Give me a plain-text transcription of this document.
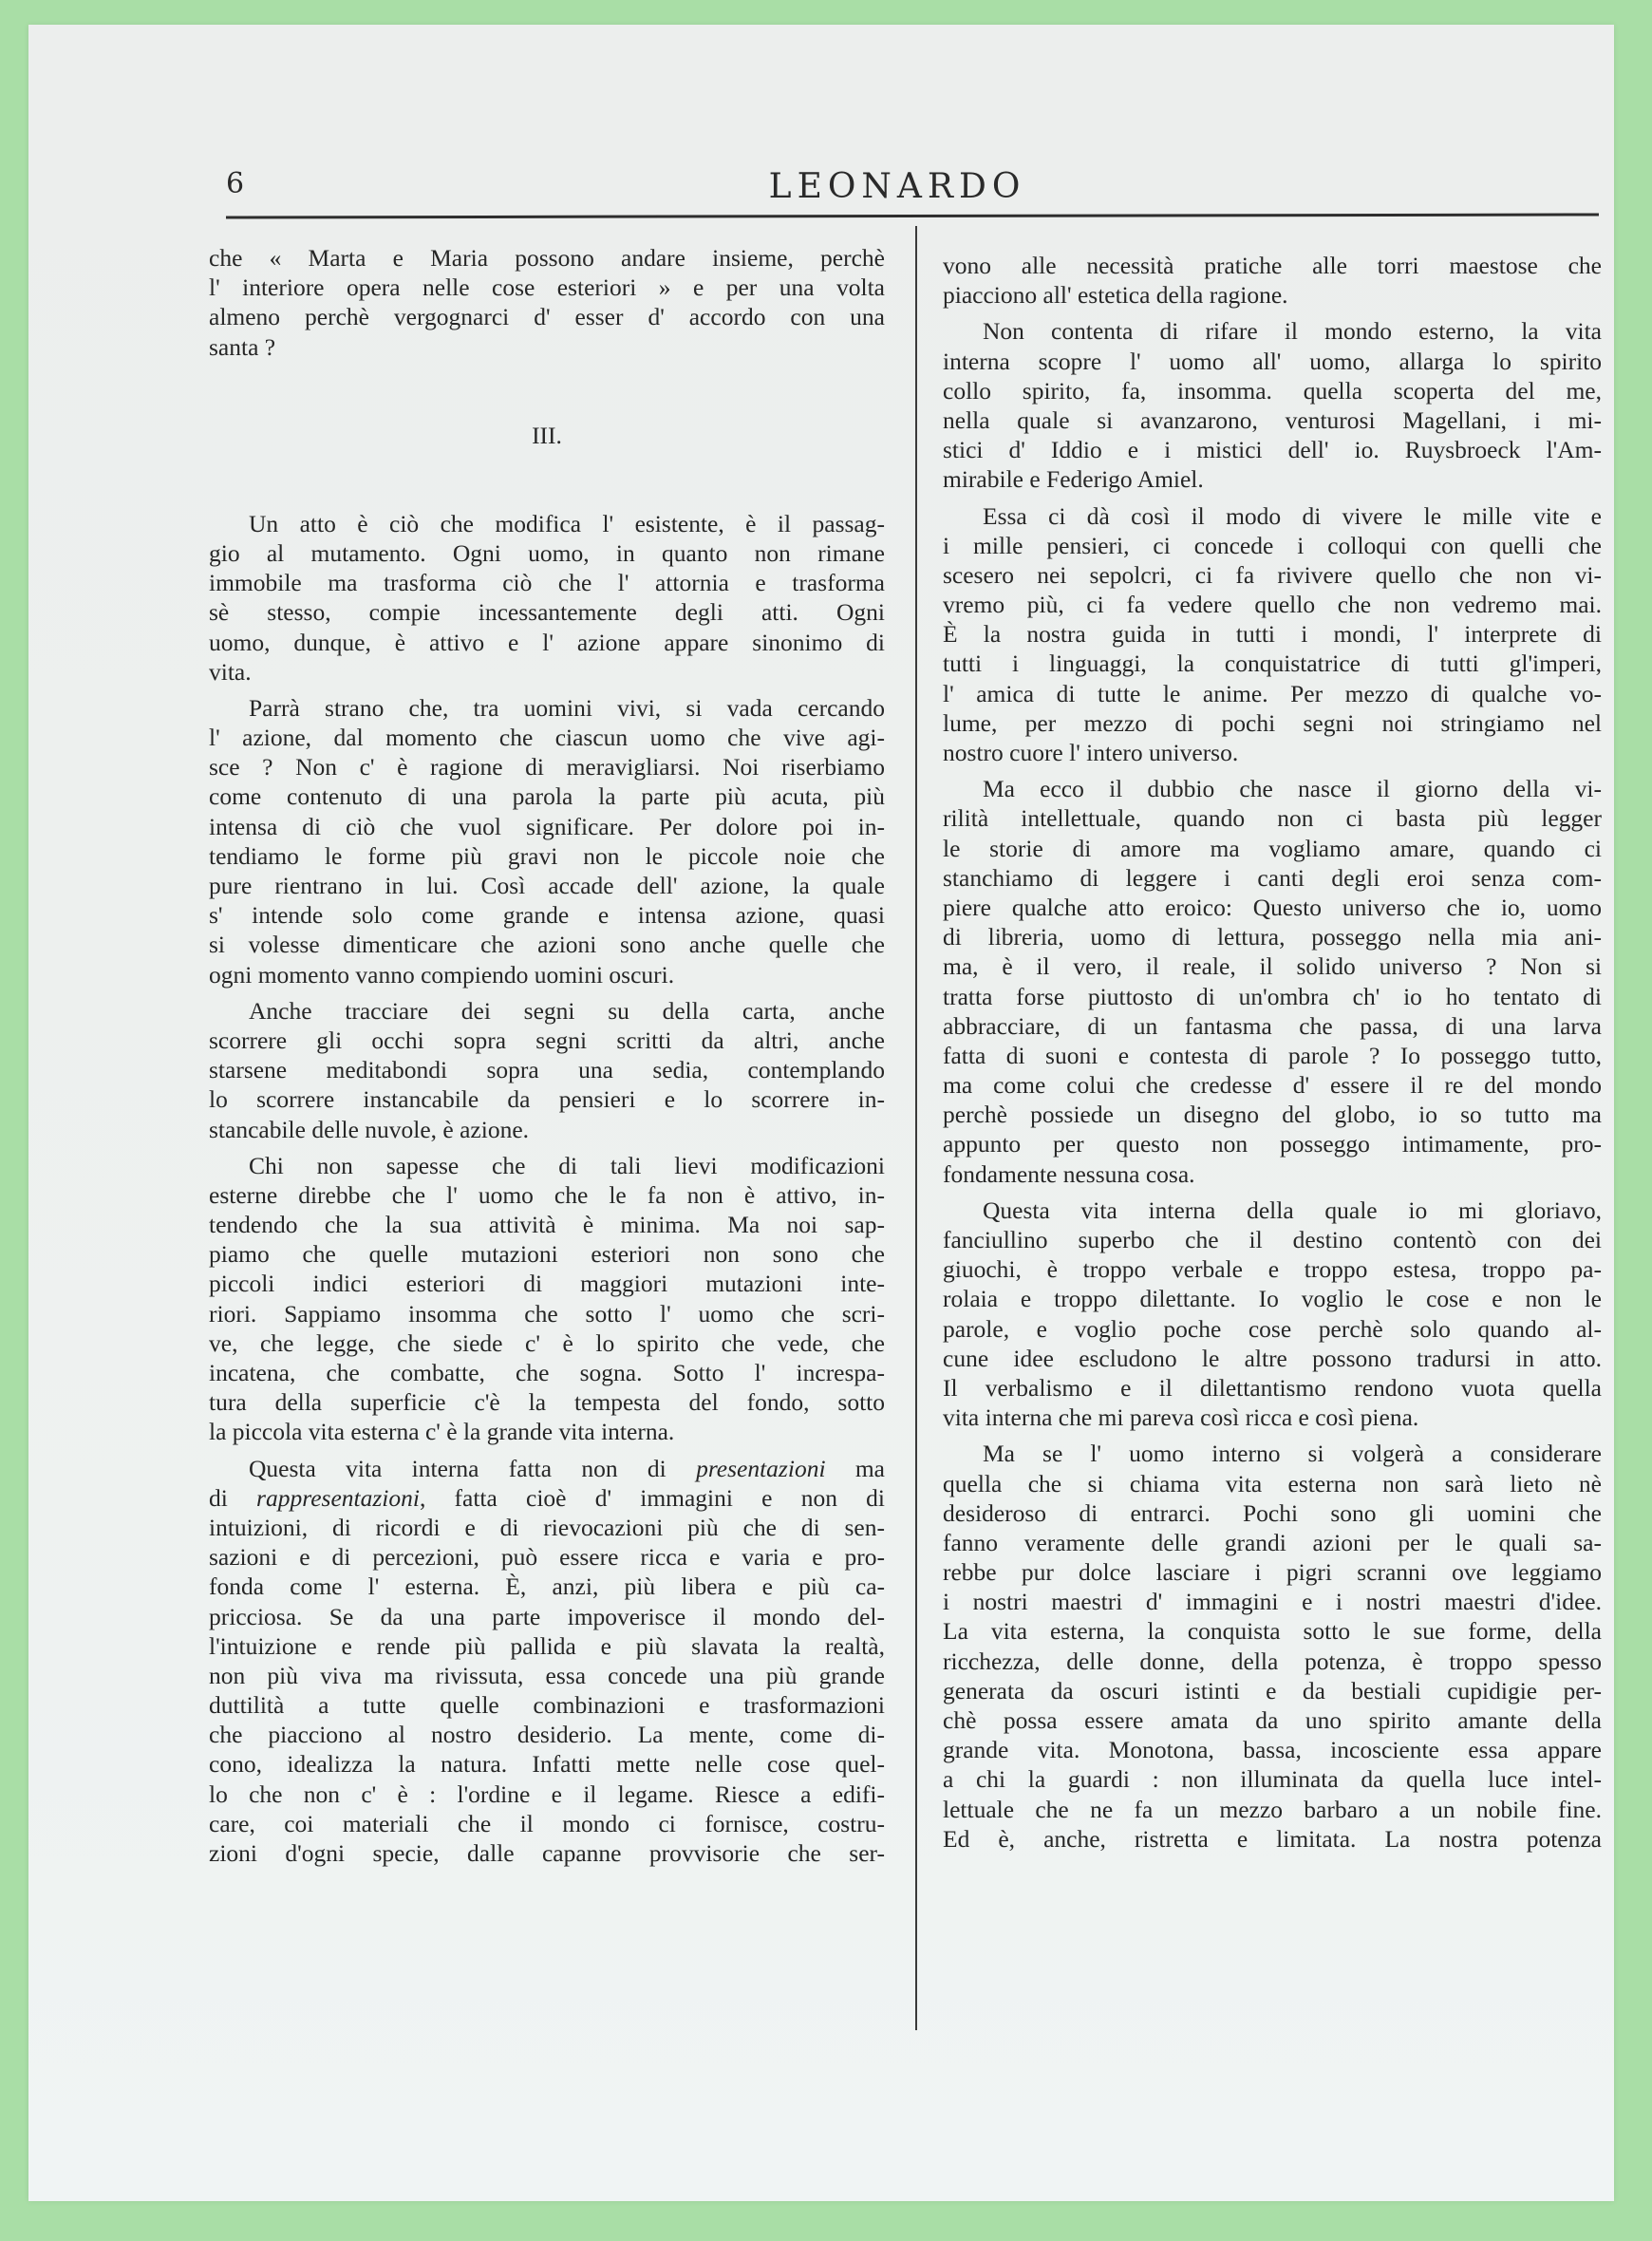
6	LEONARDO
che « Marta e Maria possono andare insieme, perchè
l' interiore opera nelle cose esteriori » e per una volta
almeno perchè vergognarci d' esser d' accordo con una
santa ?
III.
Un atto è ciò che modifica l' esistente, è il passag-
gio al mutamento. Ogni uomo, in quanto non rimane
immobile ma trasforma ciò che l' attornia e trasforma
sè stesso, compie incessantemente degli atti. Ogni
uomo, dunque, è attivo e l' azione appare sinonimo di
vita.
Parrà strano che, tra uomini vivi, si vada cercando
l' azione, dal momento che ciascun uomo che vive agi-
sce ? Non c' è ragione di meravigliarsi. Noi riserbiamo
come contenuto di una parola la parte più acuta, più
intensa di ciò che vuol significare. Per dolore poi in-
tendiamo le forme più gravi non le piccole noie che
pure rientrano in lui. Così accade dell' azione, la quale
s' intende solo come grande e intensa azione, quasi
si volesse dimenticare che azioni sono anche quelle che
ogni momento vanno compiendo uomini oscuri.
Anche tracciare dei segni su della carta, anche
scorrere gli occhi sopra segni scritti da altri, anche
starsene meditabondi sopra una sedia, contemplando
lo scorrere instancabile da pensieri e lo scorrere in-
stancabile delle nuvole, è azione.
Chi non sapesse che di tali lievi modificazioni
esterne direbbe che l' uomo che le fa non è attivo, in-
tendendo che la sua attività è minima. Ma noi sap-
piamo che quelle mutazioni esteriori non sono che
piccoli indici esteriori di maggiori mutazioni inte-
riori. Sappiamo insomma che sotto l' uomo che scri-
ve, che legge, che siede c' è lo spirito che vede, che
incatena, che combatte, che sogna. Sotto l' increspa-
tura della superficie c'è la tempesta del fondo, sotto
la piccola vita esterna c' è la grande vita interna.
Questa vita interna fatta non di presentazioni ma
di rappresentazioni, fatta cioè d' immagini e non di
intuizioni, di ricordi e di rievocazioni più che di sen-
sazioni e di percezioni, può essere ricca e varia e pro-
fonda come l' esterna. È, anzi, più libera e più ca-
pricciosa. Se da una parte impoverisce il mondo del-
l'intuizione e rende più pallida e più slavata la realtà,
non più viva ma rivissuta, essa concede una più grande
duttilità a tutte quelle combinazioni e trasformazioni
che piacciono al nostro desiderio. La mente, come di-
cono, idealizza la natura. Infatti mette nelle cose quel-
lo che non c' è : l'ordine e il legame. Riesce a edifi-
care, coi materiali che il mondo ci fornisce, costru-
zioni d'ogni specie, dalle capanne provvisorie che ser-
vono alle necessità pratiche alle torri maestose che
piacciono all' estetica della ragione.
Non contenta di rifare il mondo esterno, la vita
interna scopre l' uomo all' uomo, allarga lo spirito
collo spirito, fa, insomma. quella scoperta del me,
nella quale si avanzarono, venturosi Magellani, i mi-
stici d' Iddio e i mistici dell' io. Ruysbroeck l'Am-
mirabile e Federigo Amiel.
Essa ci dà così il modo di vivere le mille vite e
i mille pensieri, ci concede i colloqui con quelli che
scesero nei sepolcri, ci fa rivivere quello che non vi-
vremo più, ci fa vedere quello che non vedremo mai.
È la nostra guida in tutti i mondi, l' interprete di
tutti i linguaggi, la conquistatrice di tutti gl'imperi,
l' amica di tutte le anime. Per mezzo di qualche vo-
lume, per mezzo di pochi segni noi stringiamo nel
nostro cuore l' intero universo.
Ma ecco il dubbio che nasce il giorno della vi-
rilità intellettuale, quando non ci basta più legger
le storie di amore ma vogliamo amare, quando ci
stanchiamo di leggere i canti degli eroi senza com-
piere qualche atto eroico: Questo universo che io, uomo
di libreria, uomo di lettura, posseggo nella mia ani-
ma, è il vero, il reale, il solido universo ? Non si
tratta forse piuttosto di un'ombra ch' io ho tentato di
abbracciare, di un fantasma che passa, di una larva
fatta di suoni e contesta di parole ? Io posseggo tutto,
ma come colui che credesse d' essere il re del mondo
perchè possiede un disegno del globo, io so tutto ma
appunto per questo non posseggo intimamente, pro-
fondamente nessuna cosa.
Questa vita interna della quale io mi gloriavo,
fanciullino superbo che il destino contentò con dei
giuochi, è troppo verbale e troppo estesa, troppo pa-
rolaia e troppo dilettante. Io voglio le cose e non le
parole, e voglio poche cose perchè solo quando al-
cune idee escludono le altre possono tradursi in atto.
Il verbalismo e il dilettantismo rendono vuota quella
vita interna che mi pareva così ricca e così piena.
Ma se l' uomo interno si volgerà a considerare
quella che si chiama vita esterna non sarà lieto nè
desideroso di entrarci. Pochi sono gli uomini che
fanno veramente delle grandi azioni per le quali sa-
rebbe pur dolce lasciare i pigri scranni ove leggiamo
i nostri maestri d' immagini e i nostri maestri d'idee.
La vita esterna, la conquista sotto le sue forme, della
ricchezza, delle donne, della potenza, è troppo spesso
generata da oscuri istinti e da bestiali cupidigie per-
chè possa essere amata da uno spirito amante della
grande vita. Monotona, bassa, incosciente essa appare
a chi la guardi : non illuminata da quella luce intel-
lettuale che ne fa un mezzo barbaro a un nobile fine.
Ed è, anche, ristretta e limitata. La nostra potenza
